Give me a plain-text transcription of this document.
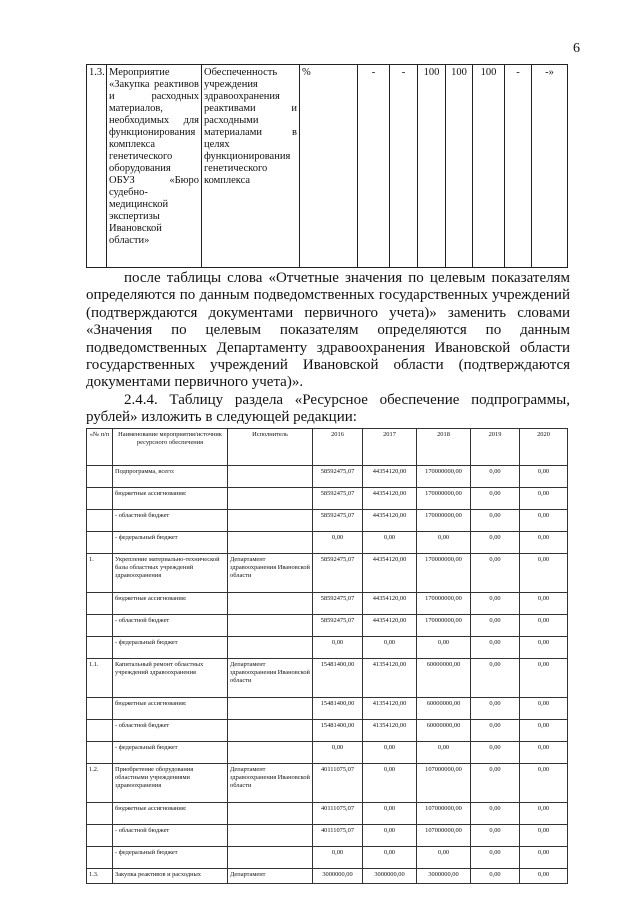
6
1.3.	Мероприятие «Закупка реактивов и расходных материалов, необходимых для функционирования комплекса генетического оборудования ОБУЗ «Бюро судебно-медицинской экспертизы Ивановской области»	Обеспеченность учреждения здравоохранения реактивами и расходными материалами в целях функционирования генетического комплекса	%	-	-	100	100	100	-	-»

после таблицы слова «Отчетные значения по целевым показателям определяются по данным подведомственных государственных учреждений (подтверждаются документами первичного учета)» заменить словами «Значения по целевым показателям определяются по данным подведомственных Департаменту здравоохранения Ивановской области государственных учреждений Ивановской области (подтверждаются документами первичного учета)».

2.4.4. Таблицу раздела «Ресурсное обеспечение подпрограммы, рублей» изложить в следующей редакции:

«№ п/п	Наименование мероприятия/источник ресурсного обеспечения	Исполнитель	2016	2017	2018	2019	2020
	Подпрограмма, всего:		58592475,07	44354120,00	170000000,00	0,00	0,00
	бюджетные ассигнования:		58592475,07	44354120,00	170000000,00	0,00	0,00
	- областной бюджет		58592475,07	44354120,00	170000000,00	0,00	0,00
	- федеральный бюджет		0,00	0,00	0,00	0,00	0,00
1.	Укрепление материально-технической базы областных учреждений здравоохранения	Департамент здравоохранения Ивановской области	58592475,07	44354120,00	170000000,00	0,00	0,00
	бюджетные ассигнования:		58592475,07	44354120,00	170000000,00	0,00	0,00
	- областной бюджет		58592475,07	44354120,00	170000000,00	0,00	0,00
	- федеральный бюджет		0,00	0,00	0,00	0,00	0,00
1.1.	Капитальный ремонт областных учреждений здравоохранения	Департамент здравоохранения Ивановской области	15481400,00	41354120,00	60000000,00	0,00	0,00
	бюджетные ассигнования:		15481400,00	41354120,00	60000000,00	0,00	0,00
	- областной бюджет		15481400,00	41354120,00	60000000,00	0,00	0,00
	- федеральный бюджет		0,00	0,00	0,00	0,00	0,00
1.2.	Приобретение оборудования областными учреждениями здравоохранения	Департамент здравоохранения Ивановской области	40111075,07	0,00	107000000,00	0,00	0,00
	бюджетные ассигнования:		40111075,07	0,00	107000000,00	0,00	0,00
	- областной бюджет		40111075,07	0,00	107000000,00	0,00	0,00
	- федеральный бюджет		0,00	0,00	0,00	0,00	0,00
1.3.	Закупка реактивов и расходных	Департамент	3000000,00	3000000,00	3000000,00	0,00	0,00
